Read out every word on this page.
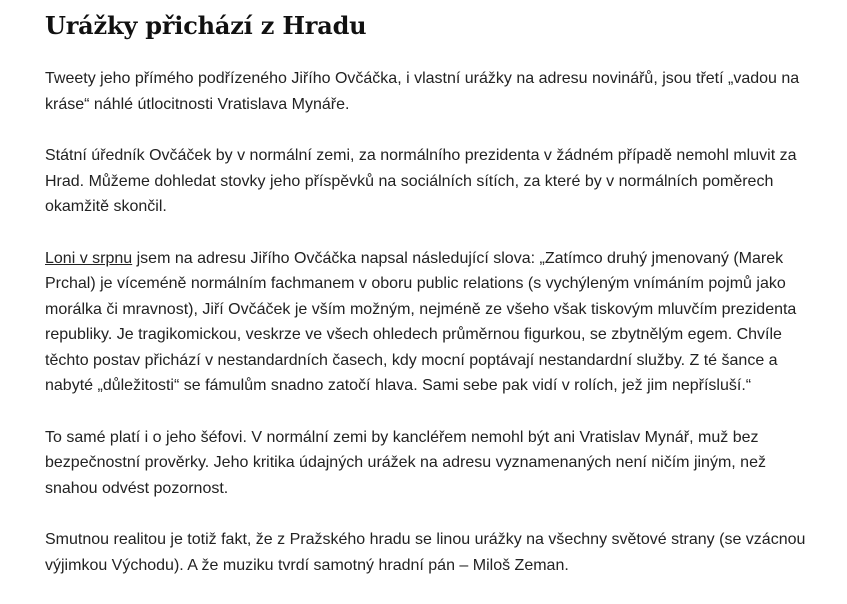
Urážky přichází z Hradu

Tweety jeho přímého podřízeného Jiřího Ovčáčka, i vlastní urážky na adresu novinářů, jsou třetí „vadou na kráse“ náhlé útlocitnosti Vratislava Mynáře.

Státní úředník Ovčáček by v normální zemi, za normálního prezidenta v žádném případě nemohl mluvit za Hrad. Můžeme dohledat stovky jeho příspěvků na sociálních sítích, za které by v normálních poměrech okamžitě skončil.

Loni v srpnu jsem na adresu Jiřího Ovčáčka napsal následující slova: „Zatímco druhý jmenovaný (Marek Prchal) je víceméně normálním fachmanem v oboru public relations (s vychýleným vnímáním pojmů jako morálka či mravnost), Jiří Ovčáček je vším možným, nejméně ze všeho však tiskovým mluvčím prezidenta republiky. Je tragikomickou, veskrze ve všech ohledech průměrnou figurkou, se zbytnělým egem. Chvíle těchto postav přichází v nestandardních časech, kdy mocní poptávají nestandardní služby. Z té šance a nabyté „důležitosti“ se fámulům snadno zatočí hlava. Sami sebe pak vidí v rolích, jež jim nepřísluší.“

To samé platí i o jeho šéfovi. V normální zemi by kancléřem nemohl být ani Vratislav Mynář, muž bez bezpečnostní prověrky. Jeho kritika údajných urážek na adresu vyznamenaných není ničím jiným, než snahou odvést pozornost.

Smutnou realitou je totiž fakt, že z Pražského hradu se linou urážky na všechny světové strany (se vzácnou výjimkou Východu). A že muziku tvrdí samotný hradní pán – Miloš Zeman.
